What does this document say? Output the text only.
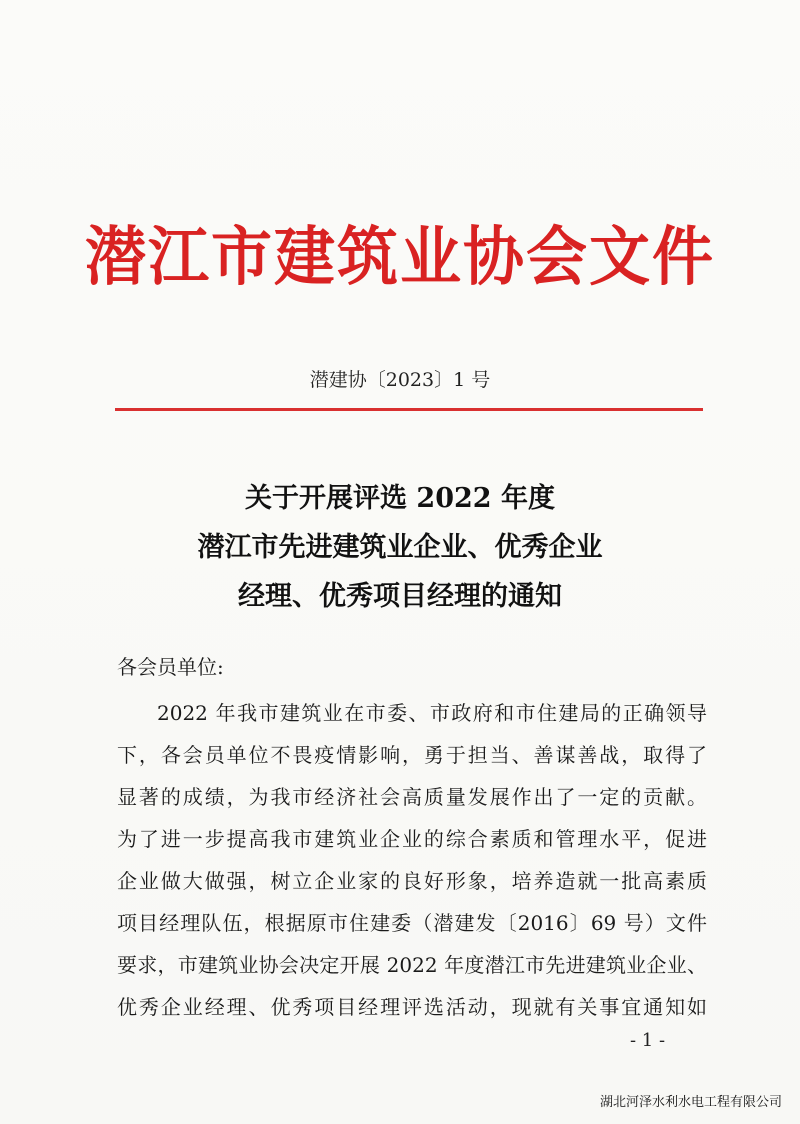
潜江市建筑业协会文件
潜建协〔2023〕1 号
关于开展评选 2022 年度
潜江市先进建筑业企业、优秀企业
经理、优秀项目经理的通知
各会员单位:
2022 年我市建筑业在市委、市政府和市住建局的正确领导
下，各会员单位不畏疫情影响，勇于担当、善谋善战，取得了
显著的成绩，为我市经济社会高质量发展作出了一定的贡献。
为了进一步提高我市建筑业企业的综合素质和管理水平，促进
企业做大做强，树立企业家的良好形象，培养造就一批高素质
项目经理队伍，根据原市住建委（潜建发〔2016〕69 号）文件
要求，市建筑业协会决定开展 2022 年度潜江市先进建筑业企业、
优秀企业经理、优秀项目经理评选活动，现就有关事宜通知如
- 1 -
湖北河泽水利水电工程有限公司
